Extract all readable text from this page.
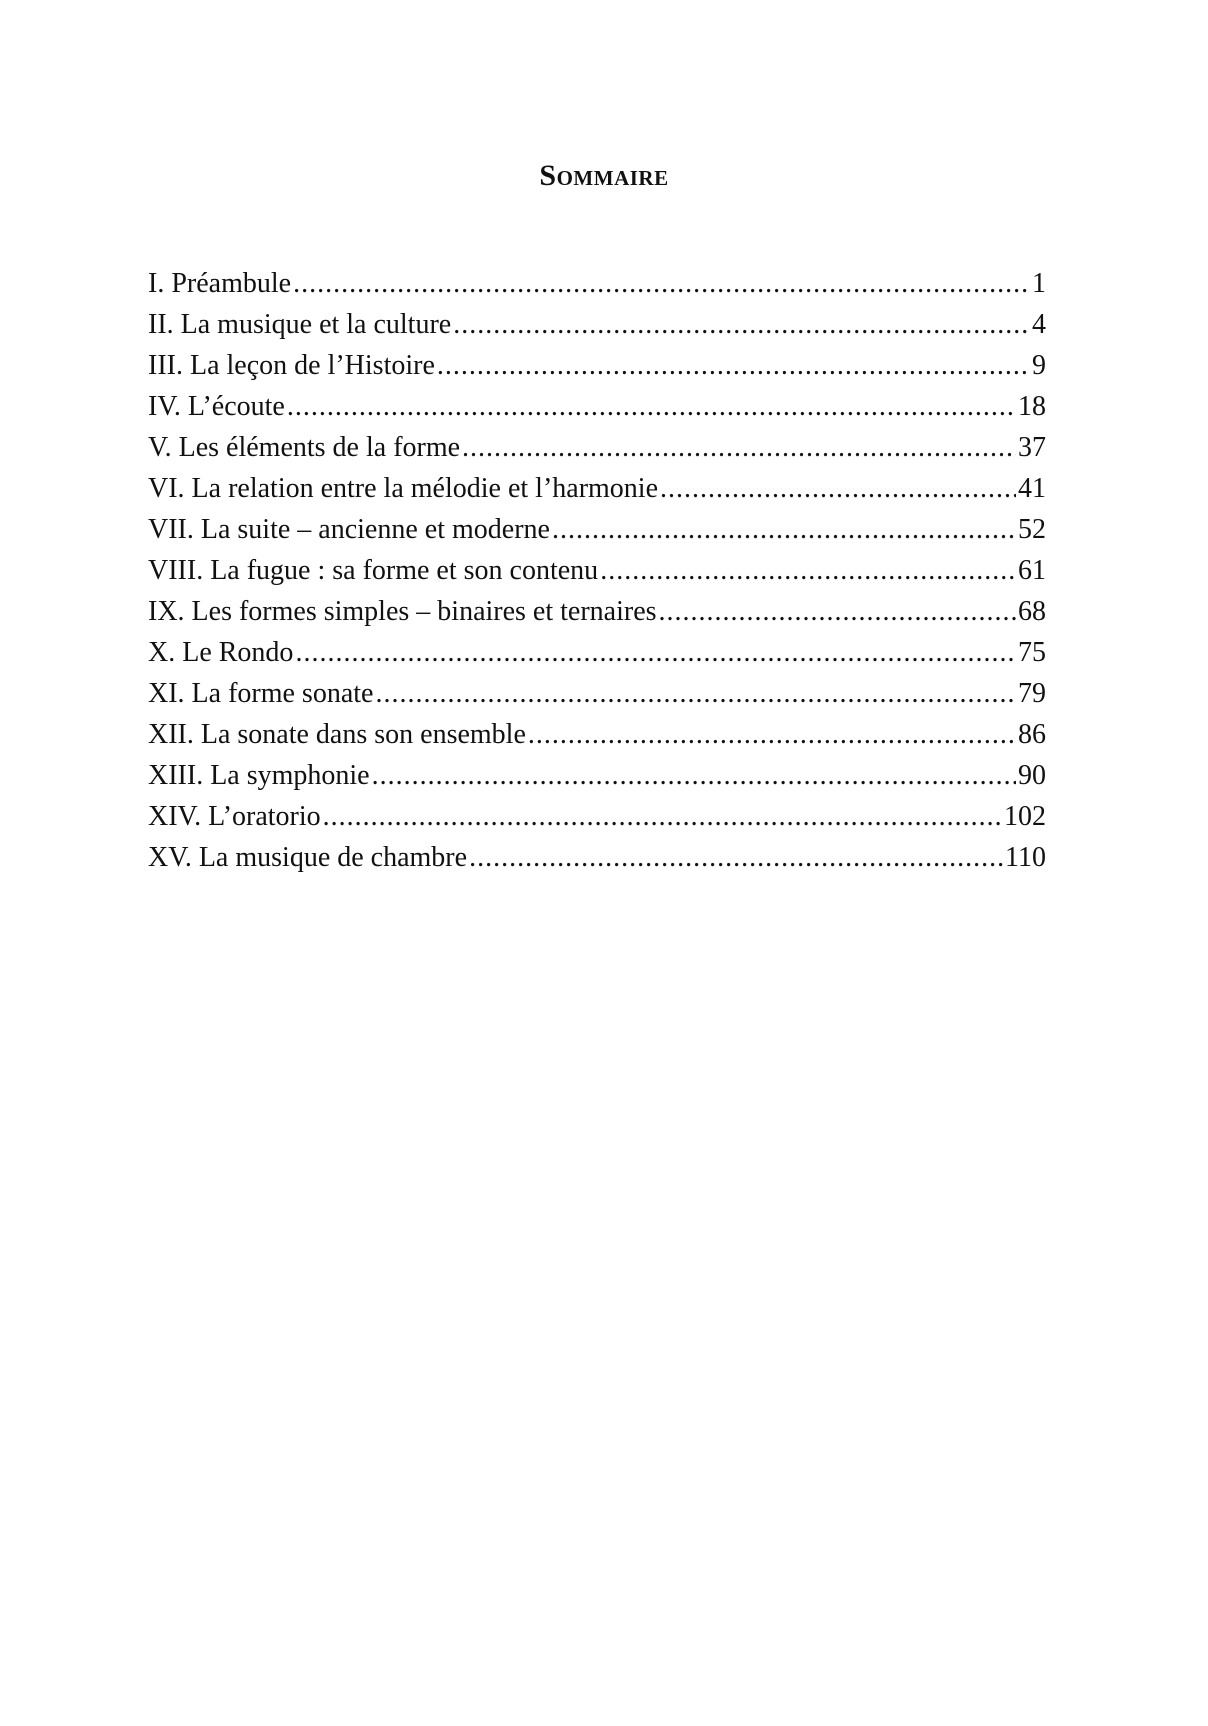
Sommaire
I. Préambule .....	1
II. La musique et la culture .....	4
III. La leçon de l’Histoire .....	9
IV. L’écoute .....	18
V. Les éléments de la forme .....	37
VI. La relation entre la mélodie et l’harmonie .....	41
VII. La suite – ancienne et moderne .....	52
VIII. La fugue : sa forme et son contenu .....	61
IX. Les formes simples – binaires et ternaires .....	68
X. Le Rondo .....	75
XI. La forme sonate .....	79
XII. La sonate dans son ensemble .....	86
XIII. La symphonie .....	90
XIV. L’oratorio .....	102
XV. La musique de chambre .....	110
